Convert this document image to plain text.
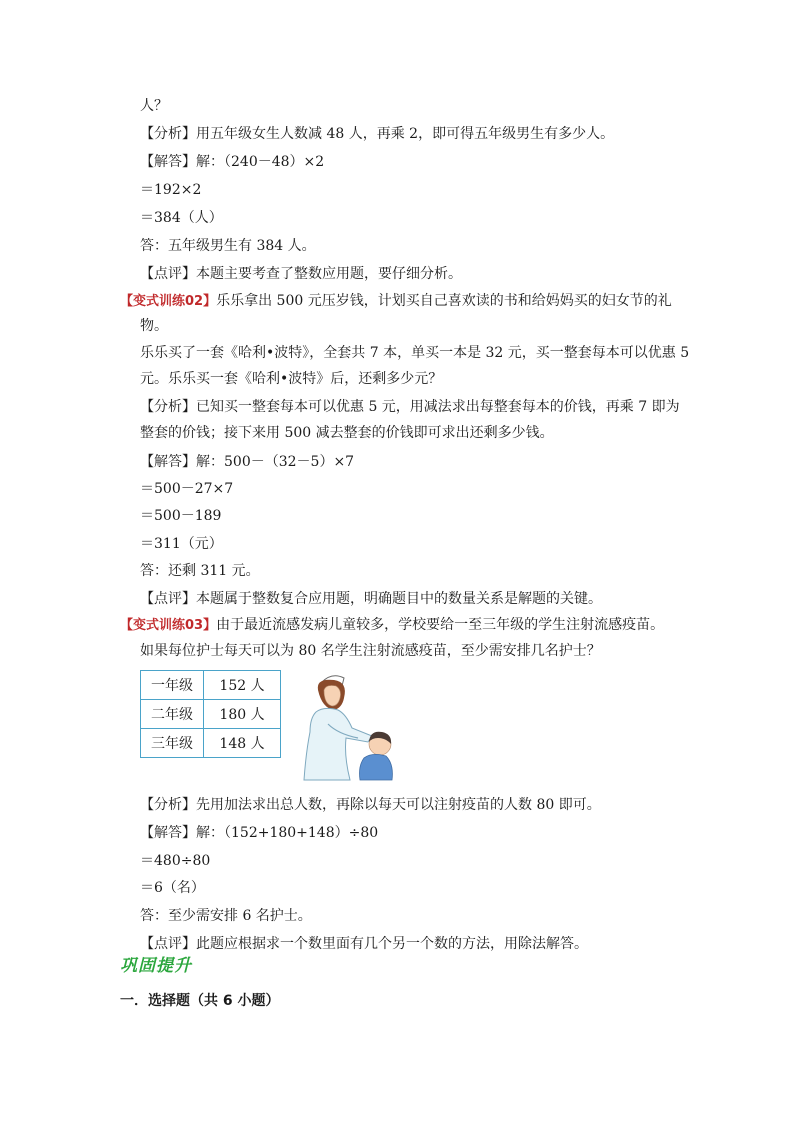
人？
【分析】用五年级女生人数减 48 人，再乘 2，即可得五年级男生有多少人。
【解答】解：（240－48）×2
＝192×2
＝384（人）
答：五年级男生有 384 人。
【点评】本题主要考查了整数应用题，要仔细分析。
【变式训练02】乐乐拿出 500 元压岁钱，计划买自己喜欢读的书和给妈妈买的妇女节的礼
物。
乐乐买了一套《哈利•波特》，全套共 7 本，单买一本是 32 元，买一整套每本可以优惠 5
元。乐乐买一套《哈利•波特》后，还剩多少元？
【分析】已知买一整套每本可以优惠 5 元，用减法求出每整套每本的价钱，再乘 7 即为
整套的价钱；接下来用 500 减去整套的价钱即可求出还剩多少钱。
【解答】解：500－（32－5）×7
＝500－27×7
＝500－189
＝311（元）
答：还剩 311 元。
【点评】本题属于整数复合应用题，明确题目中的数量关系是解题的关键。
【变式训练03】由于最近流感发病儿童较多，学校要给一至三年级的学生注射流感疫苗。
如果每位护士每天可以为 80 名学生注射流感疫苗，至少需安排几名护士？
【分析】先用加法求出总人数，再除以每天可以注射疫苗的人数 80 即可。
【解答】解：（152+180+148）÷80
＝480÷80
＝6（名）
答：至少需安排 6 名护士。
【点评】此题应根据求一个数里面有几个另一个数的方法，用除法解答。
一年级	152 人
二年级	180 人
三年级	148 人
巩固提升
一．选择题（共 6 小题）
